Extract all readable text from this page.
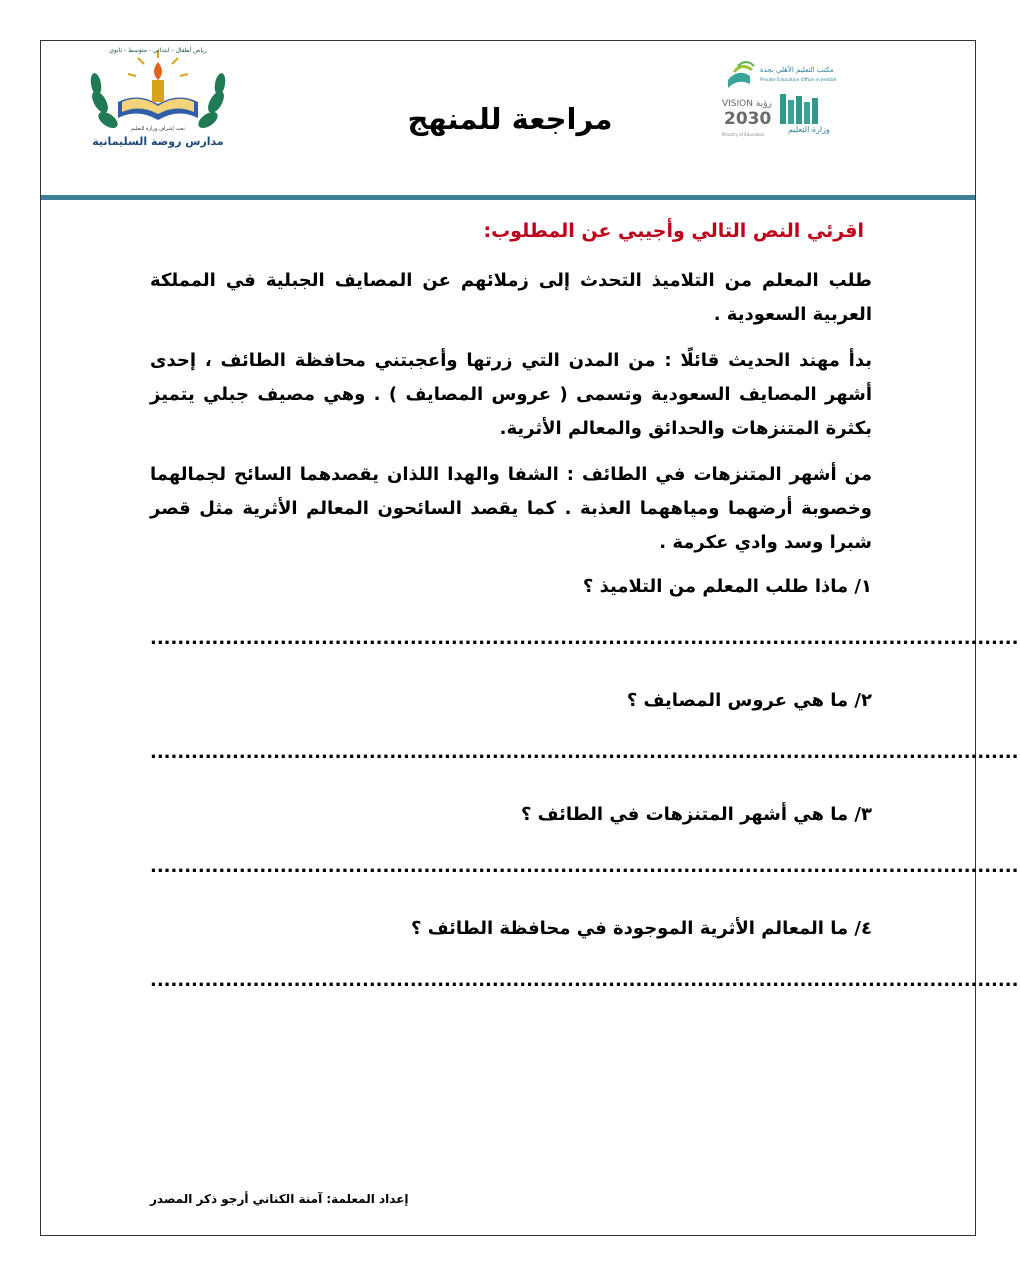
مكتب التعليم الأهلي بجدة
Private Education Office in Jeddah
VISION رؤية
2030
وزارة التعليم
Ministry of Education
مراجعة للمنهج
رياض أطفال - ابتدائي - متوسط - ثانوي
تحت إشراف وزارة التعليم
مدارس روضة السليمانية
اقرئي النص التالي وأجيبي عن المطلوب:

طلب المعلم من التلاميذ التحدث إلى زملائهم عن المصايف الجبلية في المملكة العربية السعودية .

بدأ مهند الحديث قائلًا : من المدن التي زرتها وأعجبتني محافظة الطائف ، إحدى أشهر المصايف السعودية وتسمى ( عروس المصايف ) . وهي مصيف جبلي يتميز بكثرة المتنزهات والحدائق والمعالم الأثرية.

من أشهر المتنزهات في الطائف : الشفا والهدا اللذان يقصدهما السائح لجمالهما وخصوبة أرضهما ومياههما العذبة . كما يقصد السائحون المعالم الأثرية مثل قصر شبرا وسد وادي عكرمة .

١/ ماذا طلب المعلم من التلاميذ ؟

...............................................................................................................................

٢/ ما هي عروس المصايف ؟

...............................................................................................................................

٣/ ما هي أشهر المتنزهات في الطائف ؟

...............................................................................................................................

٤/ ما المعالم الأثرية الموجودة في محافظة الطائف ؟

...............................................................................................................................
إعداد المعلمة: آمنة الكناني أرجو ذكر المصدر
